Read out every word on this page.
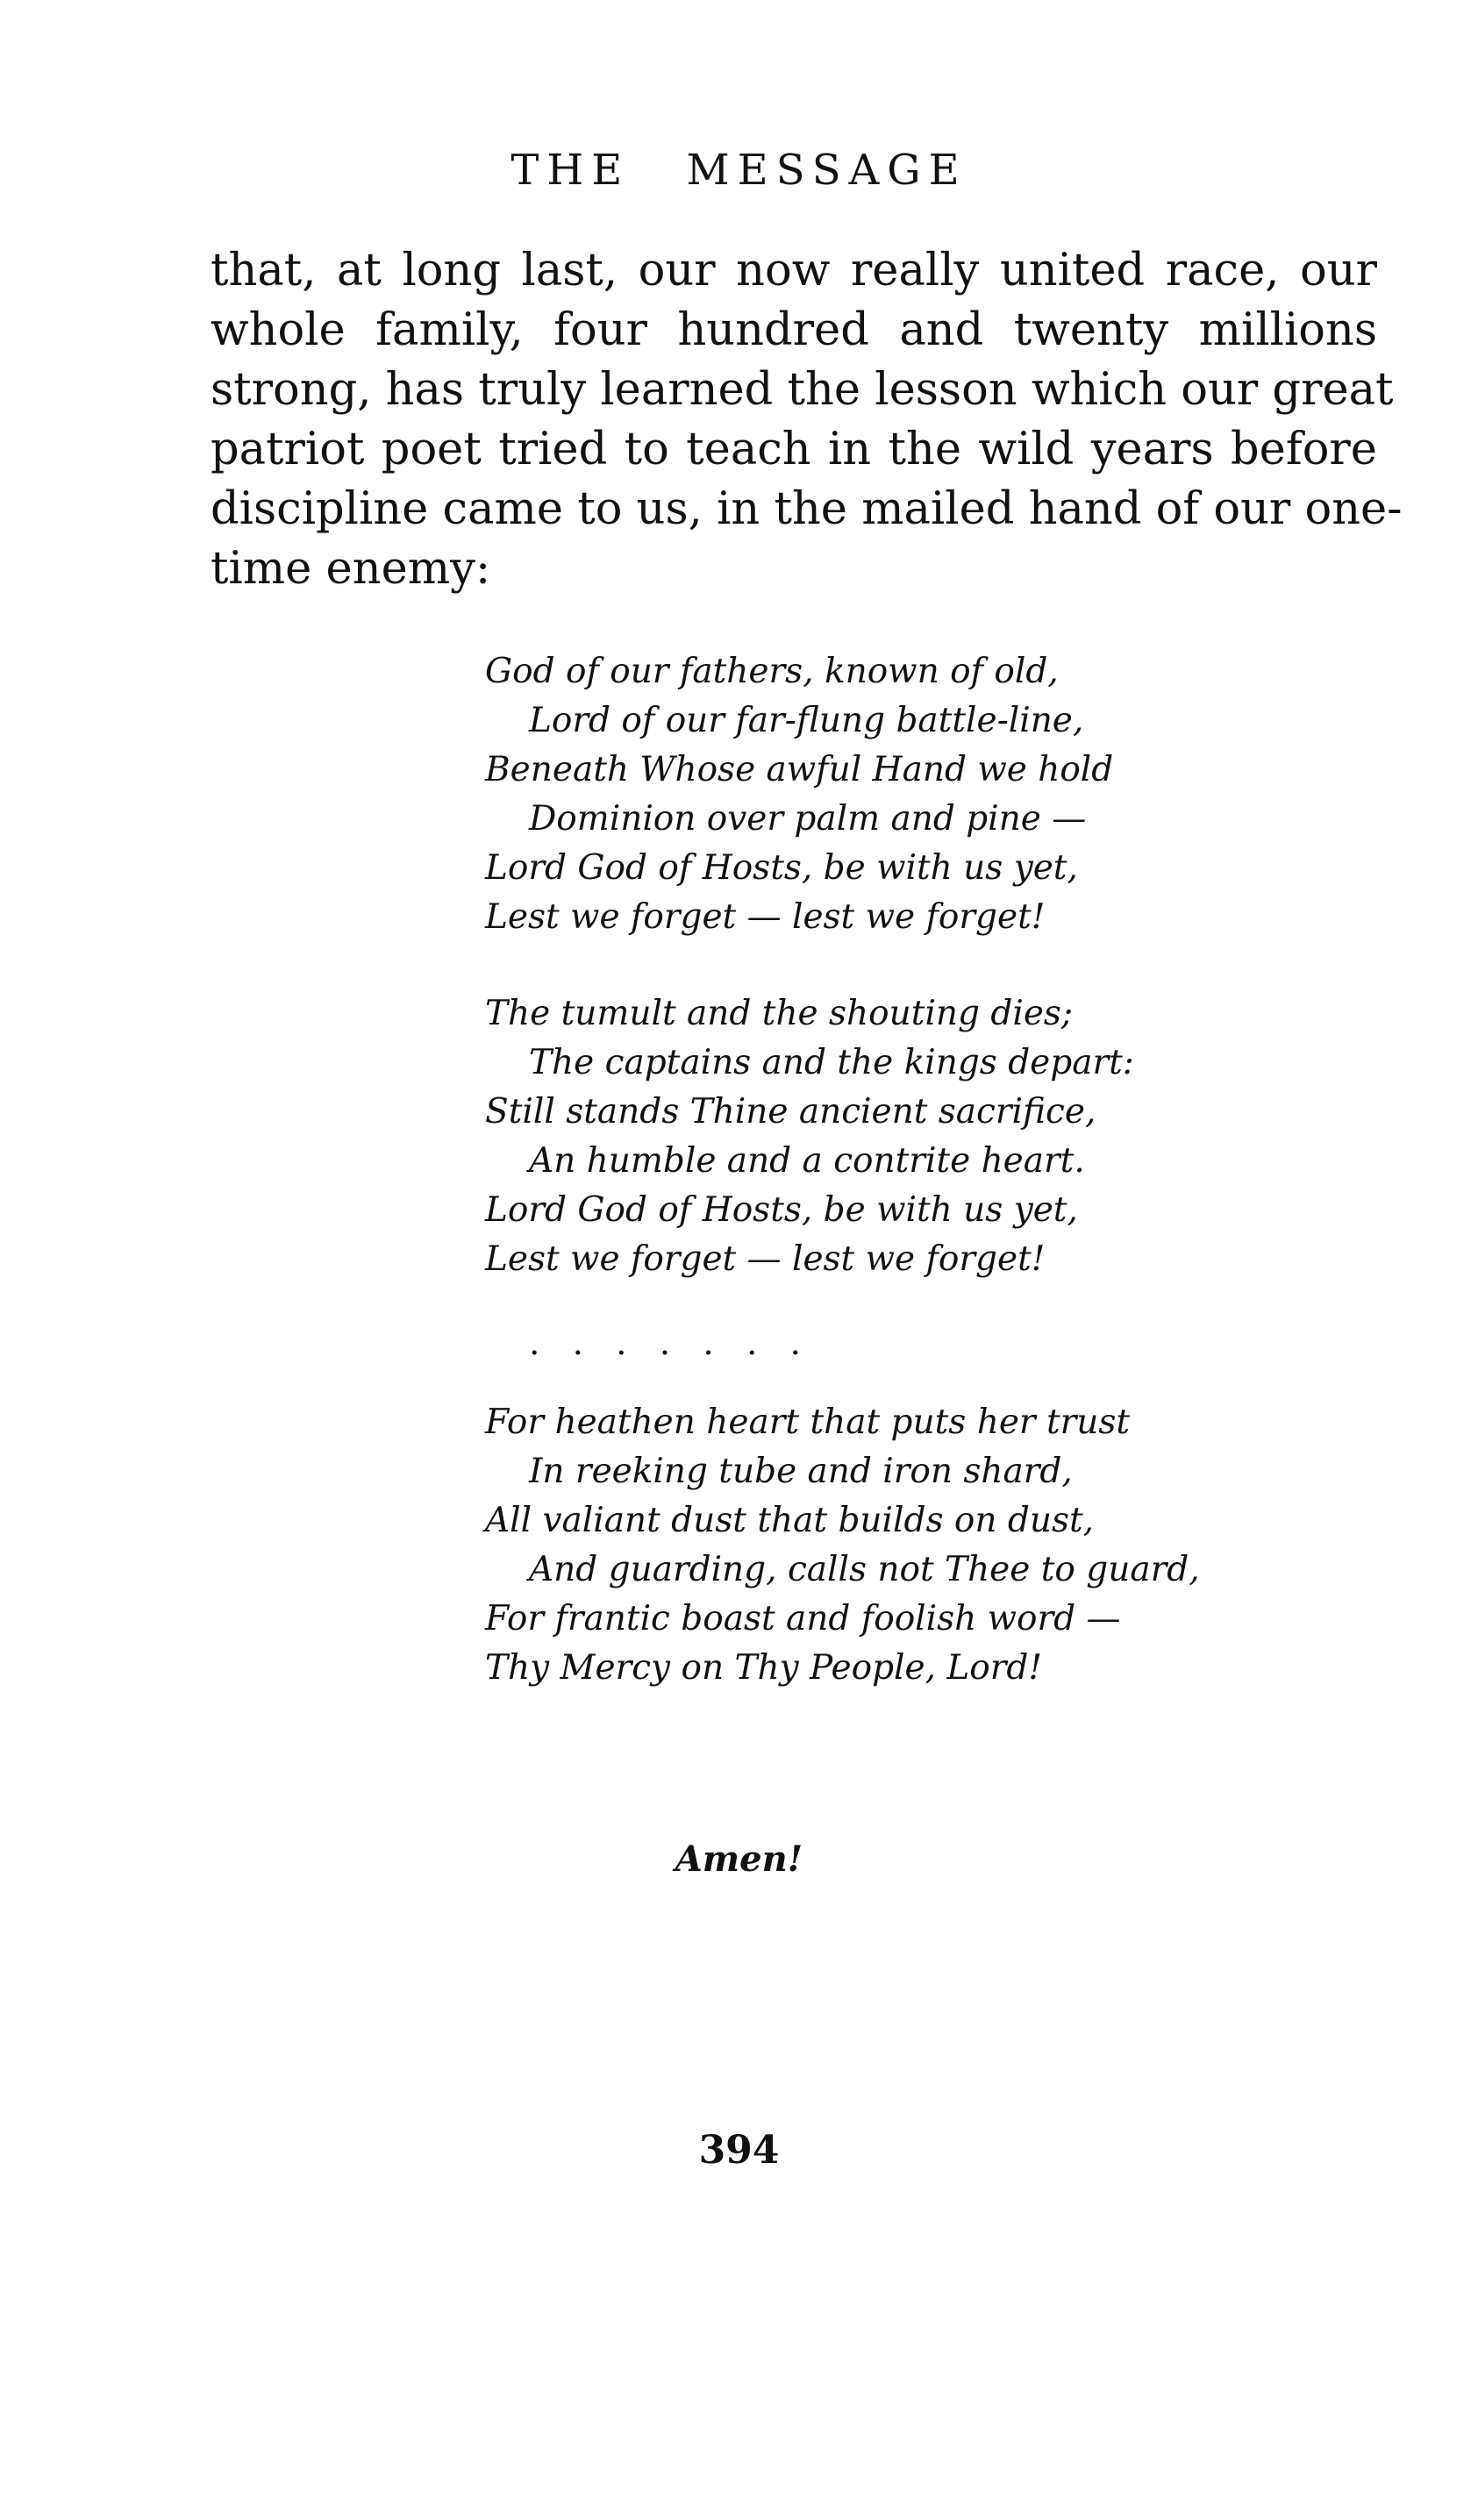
THE MESSAGE
that, at long last, our now really united race, our
whole family, four hundred and twenty millions
strong, has truly learned the lesson which our great
patriot poet tried to teach in the wild years before
discipline came to us, in the mailed hand of our one-
time enemy:
God of our fathers, known of old,
Lord of our far-flung battle-line,
Beneath Whose awful Hand we hold
Dominion over palm and pine —
Lord God of Hosts, be with us yet,
Lest we forget — lest we forget!
The tumult and the shouting dies;
The captains and the kings depart:
Still stands Thine ancient sacrifice,
An humble and a contrite heart.
Lord God of Hosts, be with us yet,
Lest we forget — lest we forget!
.   .   .   .   .   .   .
For heathen heart that puts her trust
In reeking tube and iron shard,
All valiant dust that builds on dust,
And guarding, calls not Thee to guard,
For frantic boast and foolish word —
Thy Mercy on Thy People, Lord!
Amen!
394
